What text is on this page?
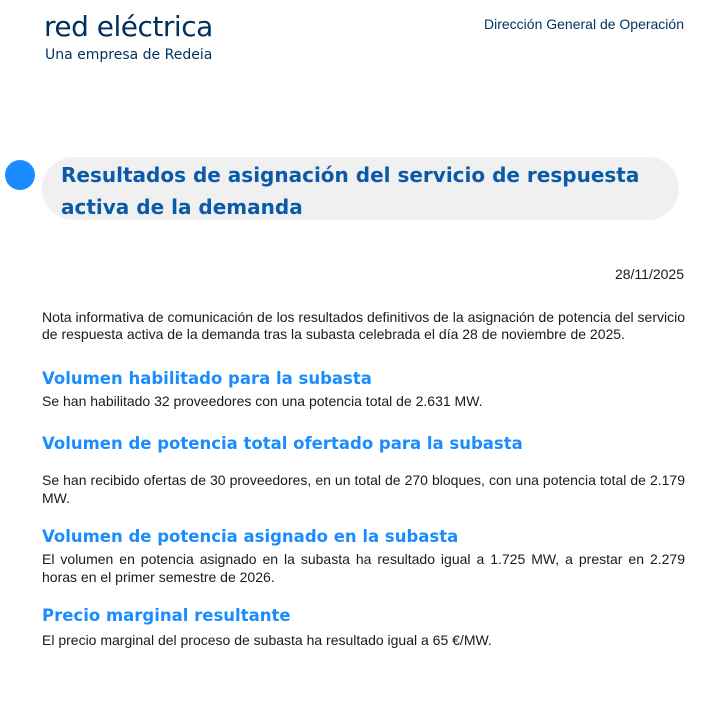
red eléctrica
Una empresa de Redeia
Dirección General de Operación
Resultados de asignación del servicio de respuesta activa de la demanda
28/11/2025

Nota informativa de comunicación de los resultados definitivos de la asignación de potencia del servicio de respuesta activa de la demanda tras la subasta celebrada el día 28 de noviembre de 2025.

Volumen habilitado para la subasta

Se han habilitado 32 proveedores con una potencia total de 2.631 MW.

Volumen de potencia total ofertado para la subasta

Se han recibido ofertas de 30 proveedores, en un total de 270 bloques, con una potencia total de 2.179 MW.

Volumen de potencia asignado en la subasta

El volumen en potencia asignado en la subasta ha resultado igual a 1.725 MW, a prestar en 2.279 horas en el primer semestre de 2026.

Precio marginal resultante

El precio marginal del proceso de subasta ha resultado igual a 65 €/MW.
